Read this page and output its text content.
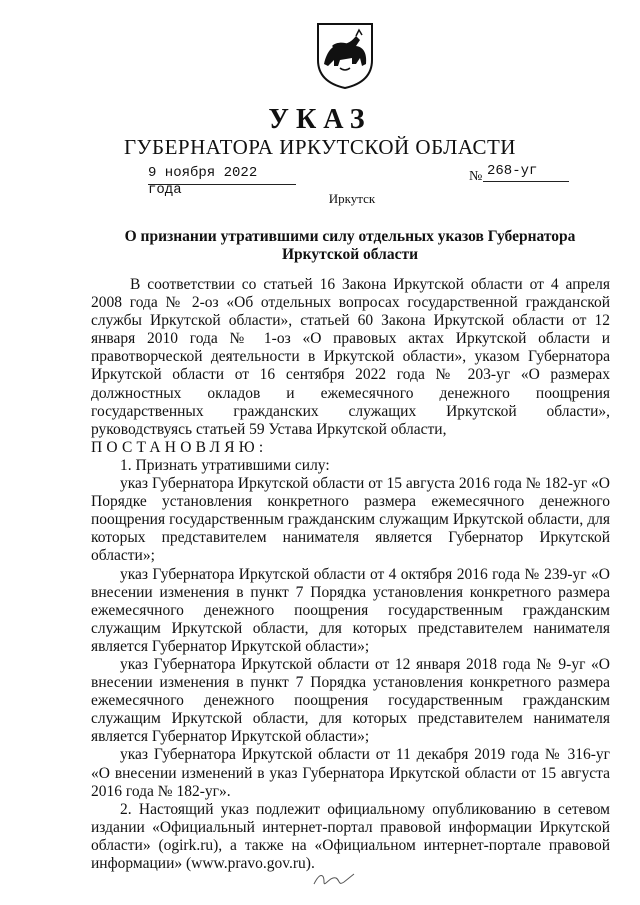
УКАЗ
ГУБЕРНАТОРА ИРКУТСКОЙ ОБЛАСТИ
9 ноября 2022 года
№ 268-уг
Иркутск
О признании утратившими силу отдельных указов Губернатора Иркутской области

В соответствии со статьей 16 Закона Иркутской области от 4 апреля 2008 года № 2-оз «Об отдельных вопросах государственной гражданской службы Иркутской области», статьей 60 Закона Иркутской области от 12 января 2010 года № 1-оз «О правовых актах Иркутской области и правотворческой деятельности в Иркутской области», указом Губернатора Иркутской области от 16 сентября 2022 года № 203-уг «О размерах должностных окладов и ежемесячного денежного поощрения государственных гражданских служащих Иркутской области», руководствуясь статьей 59 Устава Иркутской области,

ПОСТАНОВЛЯЮ:

1. Признать утратившими силу:

указ Губернатора Иркутской области от 15 августа 2016 года № 182-уг «О Порядке установления конкретного размера ежемесячного денежного поощрения государственным гражданским служащим Иркутской области, для которых представителем нанимателя является Губернатор Иркутской области»;

указ Губернатора Иркутской области от 4 октября 2016 года № 239-уг «О внесении изменения в пункт 7 Порядка установления конкретного размера ежемесячного денежного поощрения государственным гражданским служащим Иркутской области, для которых представителем нанимателя является Губернатор Иркутской области»;

указ Губернатора Иркутской области от 12 января 2018 года № 9-уг «О внесении изменения в пункт 7 Порядка установления конкретного размера ежемесячного денежного поощрения государственным гражданским служащим Иркутской области, для которых представителем нанимателя является Губернатор Иркутской области»;

указ Губернатора Иркутской области от 11 декабря 2019 года № 316-уг «О внесении изменений в указ Губернатора Иркутской области от 15 августа 2016 года № 182-уг».

2. Настоящий указ подлежит официальному опубликованию в сетевом издании «Официальный интернет-портал правовой информации Иркутской области» (ogirk.ru), а также на «Официальном интернет-портале правовой информации» (www.pravo.gov.ru).
